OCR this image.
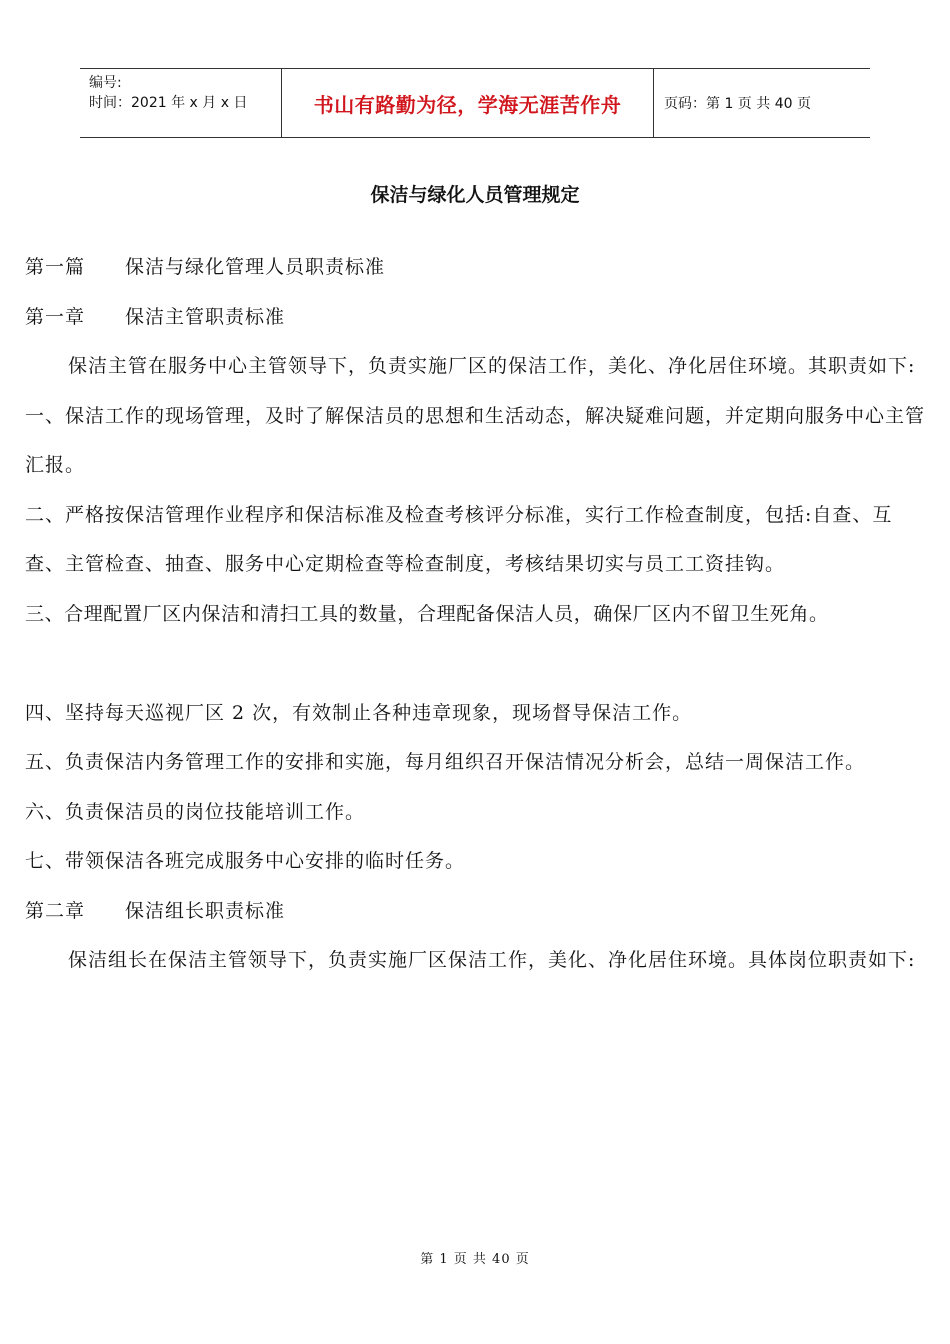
编号:
时间：2021 年 x 月 x 日	书山有路勤为径，学海无涯苦作舟	页码：第 1 页 共 40 页
保洁与绿化人员管理规定

第一篇 保洁与绿化管理人员职责标准

第一章 保洁主管职责标准

保洁主管在服务中心主管领导下，负责实施厂区的保洁工作，美化、净化居住环境。其职责如下:

一、保洁工作的现场管理，及时了解保洁员的思想和生活动态，解决疑难问题，并定期向服务中心主管汇报。

二、严格按保洁管理作业程序和保洁标准及检查考核评分标准，实行工作检查制度，包括:自查、互查、主管检查、抽查、服务中心定期检查等检查制度，考核结果切实与员工工资挂钩。

三、合理配置厂区内保洁和清扫工具的数量，合理配备保洁人员，确保厂区内不留卫生死角。

四、坚持每天巡视厂区 2 次，有效制止各种违章现象，现场督导保洁工作。

五、负责保洁内务管理工作的安排和实施，每月组织召开保洁情况分析会，总结一周保洁工作。

六、负责保洁员的岗位技能培训工作。

七、带领保洁各班完成服务中心安排的临时任务。

第二章 保洁组长职责标准

保洁组长在保洁主管领导下，负责实施厂区保洁工作，美化、净化居住环境。具体岗位职责如下:

第 1 页 共 40 页
